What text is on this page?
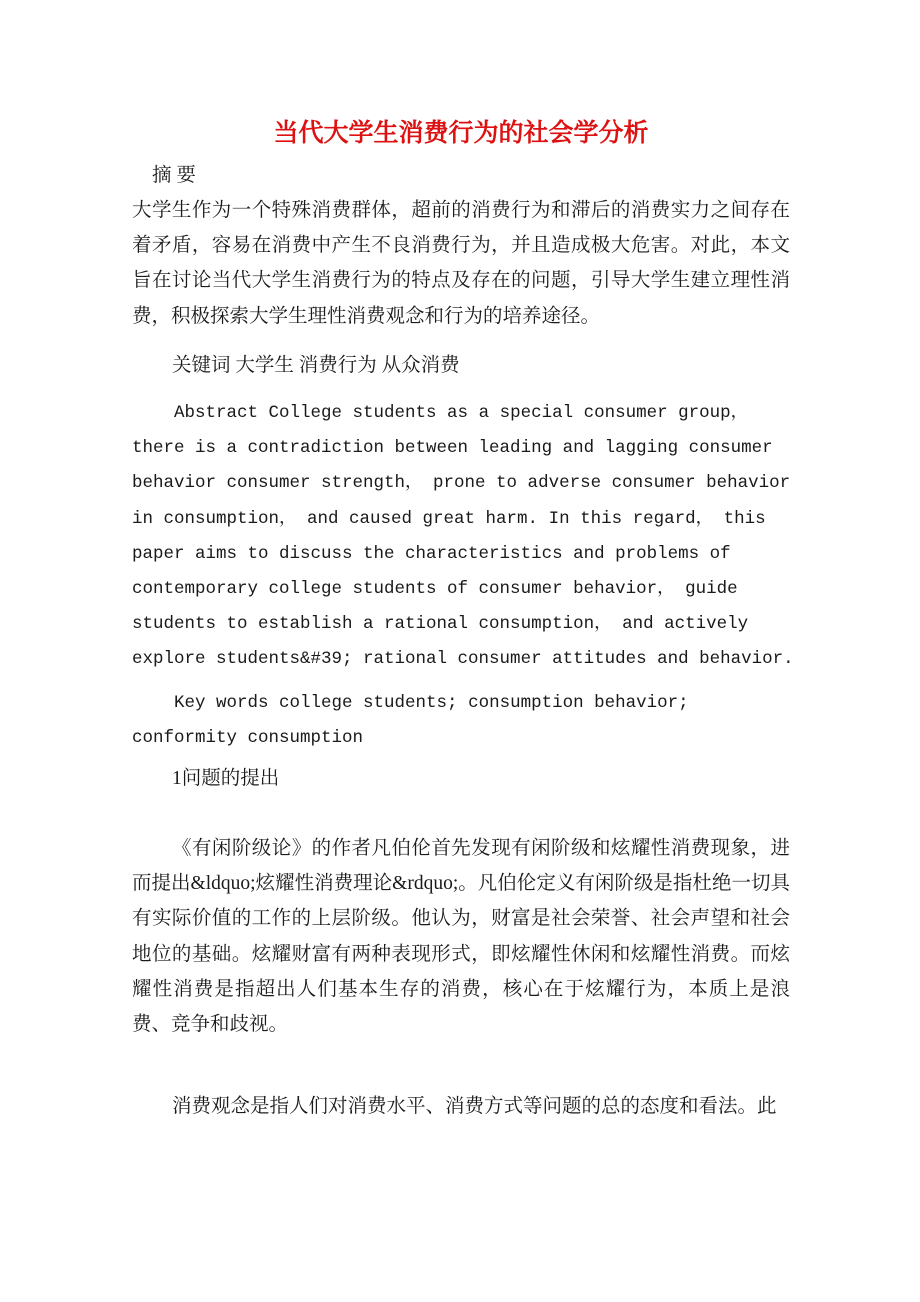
当代大学生消费行为的社会学分析

摘 要

大学生作为一个特殊消费群体，超前的消费行为和滞后的消费实力之间存在着矛盾，容易在消费中产生不良消费行为，并且造成极大危害。对此，本文旨在讨论当代大学生消费行为的特点及存在的问题，引导大学生建立理性消费，积极探索大学生理性消费观念和行为的培养途径。

关键词 大学生 消费行为 从众消费

Abstract College students as a special consumer group， there is a contradiction between leading and lagging consumer behavior consumer strength， prone to adverse consumer behavior in consumption， and caused great harm. In this regard， this paper aims to discuss the characteristics and problems of contemporary college students of consumer behavior， guide students to establish a rational consumption， and actively explore students&#39; rational consumer attitudes and behavior.

Key words college students; consumption behavior; conformity consumption

1问题的提出

《有闲阶级论》的作者凡伯伦首先发现有闲阶级和炫耀性消费现象，进而提出&ldquo;炫耀性消费理论&rdquo;。凡伯伦定义有闲阶级是指杜绝一切具有实际价值的工作的上层阶级。他认为，财富是社会荣誉、社会声望和社会地位的基础。炫耀财富有两种表现形式，即炫耀性休闲和炫耀性消费。而炫耀性消费是指超出人们基本生存的消费，核心在于炫耀行为，本质上是浪费、竞争和歧视。

消费观念是指人们对消费水平、消费方式等问题的总的态度和看法。此
